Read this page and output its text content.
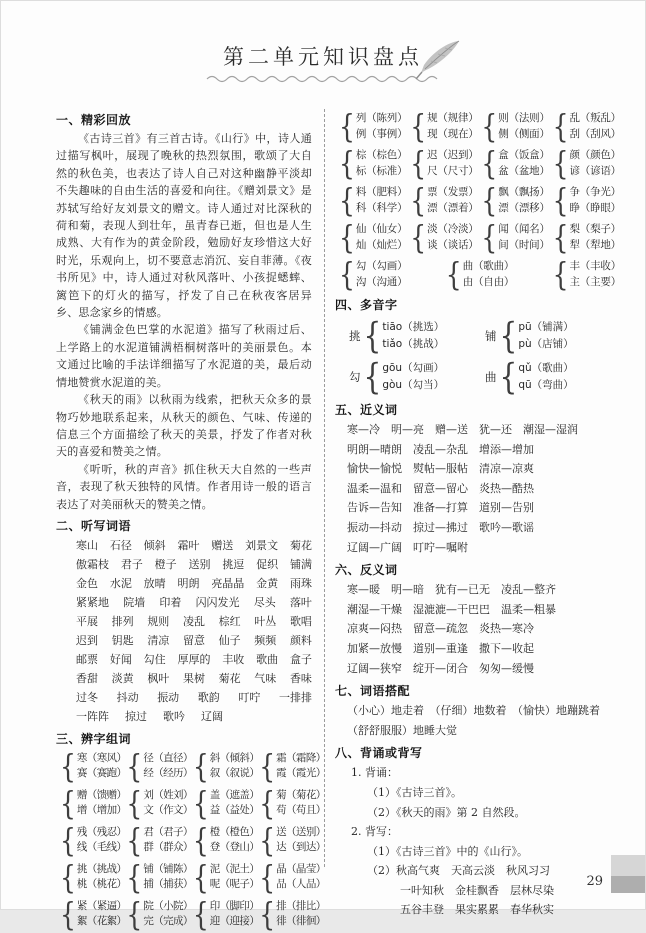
第二单元知识盘点
一、精彩回放

《古诗三首》有三首古诗。《山行》中，诗人通过描写枫叶，展现了晚秋的热烈氛围，歌颂了大自然的秋色美，也表达了诗人自己对这种幽静平淡却不失趣味的自由生活的喜爱和向往。《赠刘景文》是苏轼写给好友刘景文的赠文。诗人通过对比深秋的荷和菊，表现人到壮年，虽青春已逝，但也是人生成熟、大有作为的黄金阶段，勉励好友珍惜这大好时光，乐观向上，切不要意志消沉、妄自菲薄。《夜书所见》中，诗人通过对秋风落叶、小孩捉蟋蟀、篱笆下的灯火的描写，抒发了自己在秋夜客居异乡、思念家乡的情感。

《铺满金色巴掌的水泥道》描写了秋雨过后、上学路上的水泥道铺满梧桐树落叶的美丽景色。本文通过比喻的手法详细描写了水泥道的美，最后动情地赞赏水泥道的美。

《秋天的雨》以秋雨为线索，把秋天众多的景物巧妙地联系起来，从秋天的颜色、气味、传递的信息三个方面描绘了秋天的美景，抒发了作者对秋天的喜爱和赞美之情。

《听听，秋的声音》抓住秋天大自然的一些声音，表现了秋天独特的风情。作者用诗一般的语言表达了对美丽秋天的赞美之情。

二、听写词语
寒山 石径 倾斜 霜叶 赠送 刘景文 菊花
傲霜枝 君子 橙子 送别 挑逗 促织 铺满
金色 水泥 放晴 明朗 亮晶晶 金黄 雨珠
紧紧地 院墙 印着 闪闪发光 尽头 落叶
平展 排列 规则 凌乱 棕红 叶丛 歌唱
迟到 钥匙 清凉 留意 仙子 频频 颜料
邮票 好闻 勾住 厚厚的 丰收 歌曲 盒子
香甜 淡黄 枫叶 果树 菊花 气味 香味
过冬 抖动 振动 歌韵 叮咛 一排排
一阵阵 掠过 歌吟 辽阔
三、辨字组词
{ 寒（寒风）
赛（赛跑） { 径（直径）
经（经历） { 斜（倾斜）
叙（叙说） { 霜（霜降）
霞（霞光）
{ 赠（馈赠）
增（增加） { 刘（姓刘）
文（作文） { 盖（遮盖）
益（益处） { 菊（菊花）
苟（苟且）
{ 残（残忍）
线（毛线） { 君（君子）
群（群众） { 橙（橙色）
登（登山） { 送（送别）
达（到达）
{ 挑（挑战）
桃（桃花） { 铺（铺陈）
捕（捕获） { 泥（泥土）
呢（呢子） { 晶（晶莹）
品（人品）
{ 紧（紧逼）
絮（花絮） { 院（小院）
完（完成） { 印（脚印）
迎（迎接） { 排（排比）
徘（徘徊）
{ 列（陈列）
例（事例） { 规（规律）
现（现在） { 则（法则）
侧（侧面） { 乱（叛乱）
刮（刮风）
{ 棕（棕色）
标（标准） { 迟（迟到）
尺（尺寸） { 盒（饭盒）
盆（盆地） { 颜（颜色）
谚（谚语）
{ 料（肥料）
科（科学） { 票（发票）
漂（漂着） { 飘（飘扬）
漂（漂移） { 争（争光）
睁（睁眼）
{ 仙（仙女）
灿（灿烂） { 淡（冷淡）
谈（谈话） { 闻（闻名）
间（时间） { 梨（梨子）
犁（犁地）
{ 勾（勾画）
沟（沟通） { 曲（歌曲）
由（自由） { 丰（丰收）
主（主要）
四、多音字
挑 { tiāo（挑选）
tiǎo（挑战）
铺 { pū（铺满）
pù（店铺）
勾 { gōu（勾画）
gòu（勾当）
曲 { qǔ（歌曲）
qū（弯曲）
五、近义词
寒—冷　明—亮　赠—送　犹—还　潮湿—湿润
明朗—晴朗　凌乱—杂乱　增添—增加
愉快—愉悦　熨帖—服帖　清凉—凉爽
温柔—温和　留意—留心　炎热—酷热
告诉—告知　准备—打算　道别—告别
振动—抖动　掠过—拂过　歌吟—歌谣
辽阔—广阔　叮咛—嘱咐
六、反义词
寒—暖　明—暗　犹有—已无　凌乱—整齐
潮湿—干燥　湿漉漉—干巴巴　温柔—粗暴
凉爽—闷热　留意—疏忽　炎热—寒冷
加紧—放慢　道别—重逢　撒下—收起
辽阔—狭窄　绽开—闭合　匆匆—缓慢
七、词语搭配
（小心）地走着　（仔细）地数着　（愉快）地蹦跳着
（舒舒服服）地睡大觉
八、背诵或背写
1. 背诵：
（1）《古诗三首》。
（2）《秋天的雨》第 2 自然段。
2. 背写：
（1）《古诗三首》中的《山行》。
（2）秋高气爽　天高云淡　秋风习习
一叶知秋　金桂飘香　层林尽染
五谷丰登　果实累累　春华秋实
29
